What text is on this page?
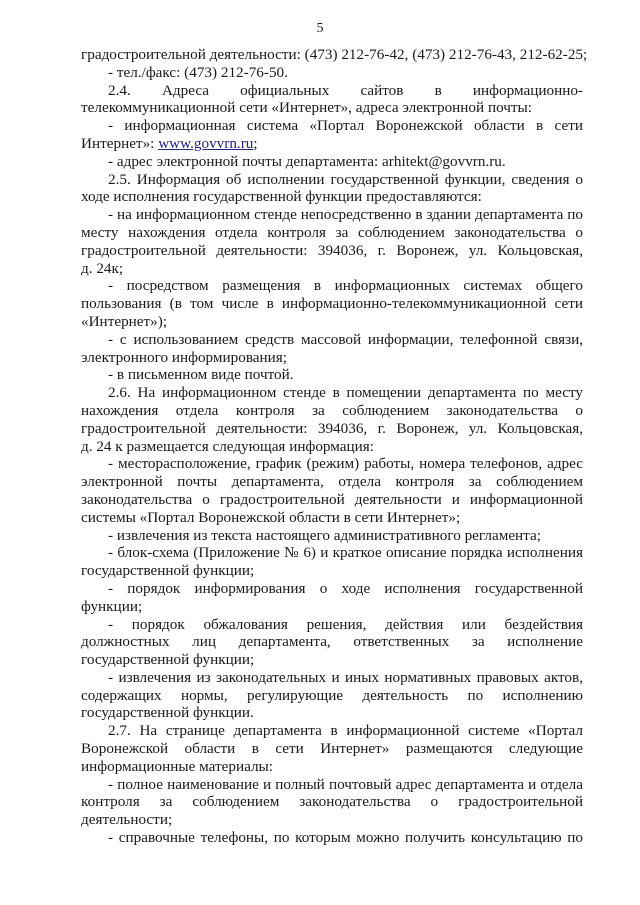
5
градостроительной деятельности: (473) 212-76-42, (473) 212-76-43, 212-62-25;
- тел./факс: (473) 212-76-50.
2.4. Адреса официальных сайтов в информационно-
телекоммуникационной сети «Интернет», адреса электронной почты:
- информационная система «Портал Воронежской области в сети
Интернет»: www.govvrn.ru;
- адрес электронной почты департамента: arhitekt@govvrn.ru.
2.5. Информация об исполнении государственной функции, сведения о
ходе исполнения государственной функции предоставляются:
- на информационном стенде непосредственно в здании департамента по
месту нахождения отдела контроля за соблюдением законодательства о
градостроительной деятельности: 394036, г. Воронеж, ул. Кольцовская,
д. 24к;
- посредством размещения в информационных системах общего
пользования (в том числе в информационно-телекоммуникационной сети
«Интернет»);
- с использованием средств массовой информации, телефонной связи,
электронного информирования;
- в письменном виде почтой.
2.6. На информационном стенде в помещении департамента по месту
нахождения отдела контроля за соблюдением законодательства о
градостроительной деятельности: 394036, г. Воронеж, ул. Кольцовская,
д. 24 к размещается следующая информация:
- месторасположение, график (режим) работы, номера телефонов, адрес
электронной почты департамента, отдела контроля за соблюдением
законодательства о градостроительной деятельности и информационной
системы «Портал Воронежской области в сети Интернет»;
- извлечения из текста настоящего административного регламента;
- блок-схема (Приложение № 6) и краткое описание порядка исполнения
государственной функции;
- порядок информирования о ходе исполнения государственной
функции;
- порядок обжалования решения, действия или бездействия
должностных лиц департамента, ответственных за исполнение
государственной функции;
- извлечения из законодательных и иных нормативных правовых актов,
содержащих нормы, регулирующие деятельность по исполнению
государственной функции.
2.7. На странице департамента в информационной системе «Портал
Воронежской области в сети Интернет» размещаются следующие
информационные материалы:
- полное наименование и полный почтовый адрес департамента и отдела
контроля за соблюдением законодательства о градостроительной
деятельности;
- справочные телефоны, по которым можно получить консультацию по
